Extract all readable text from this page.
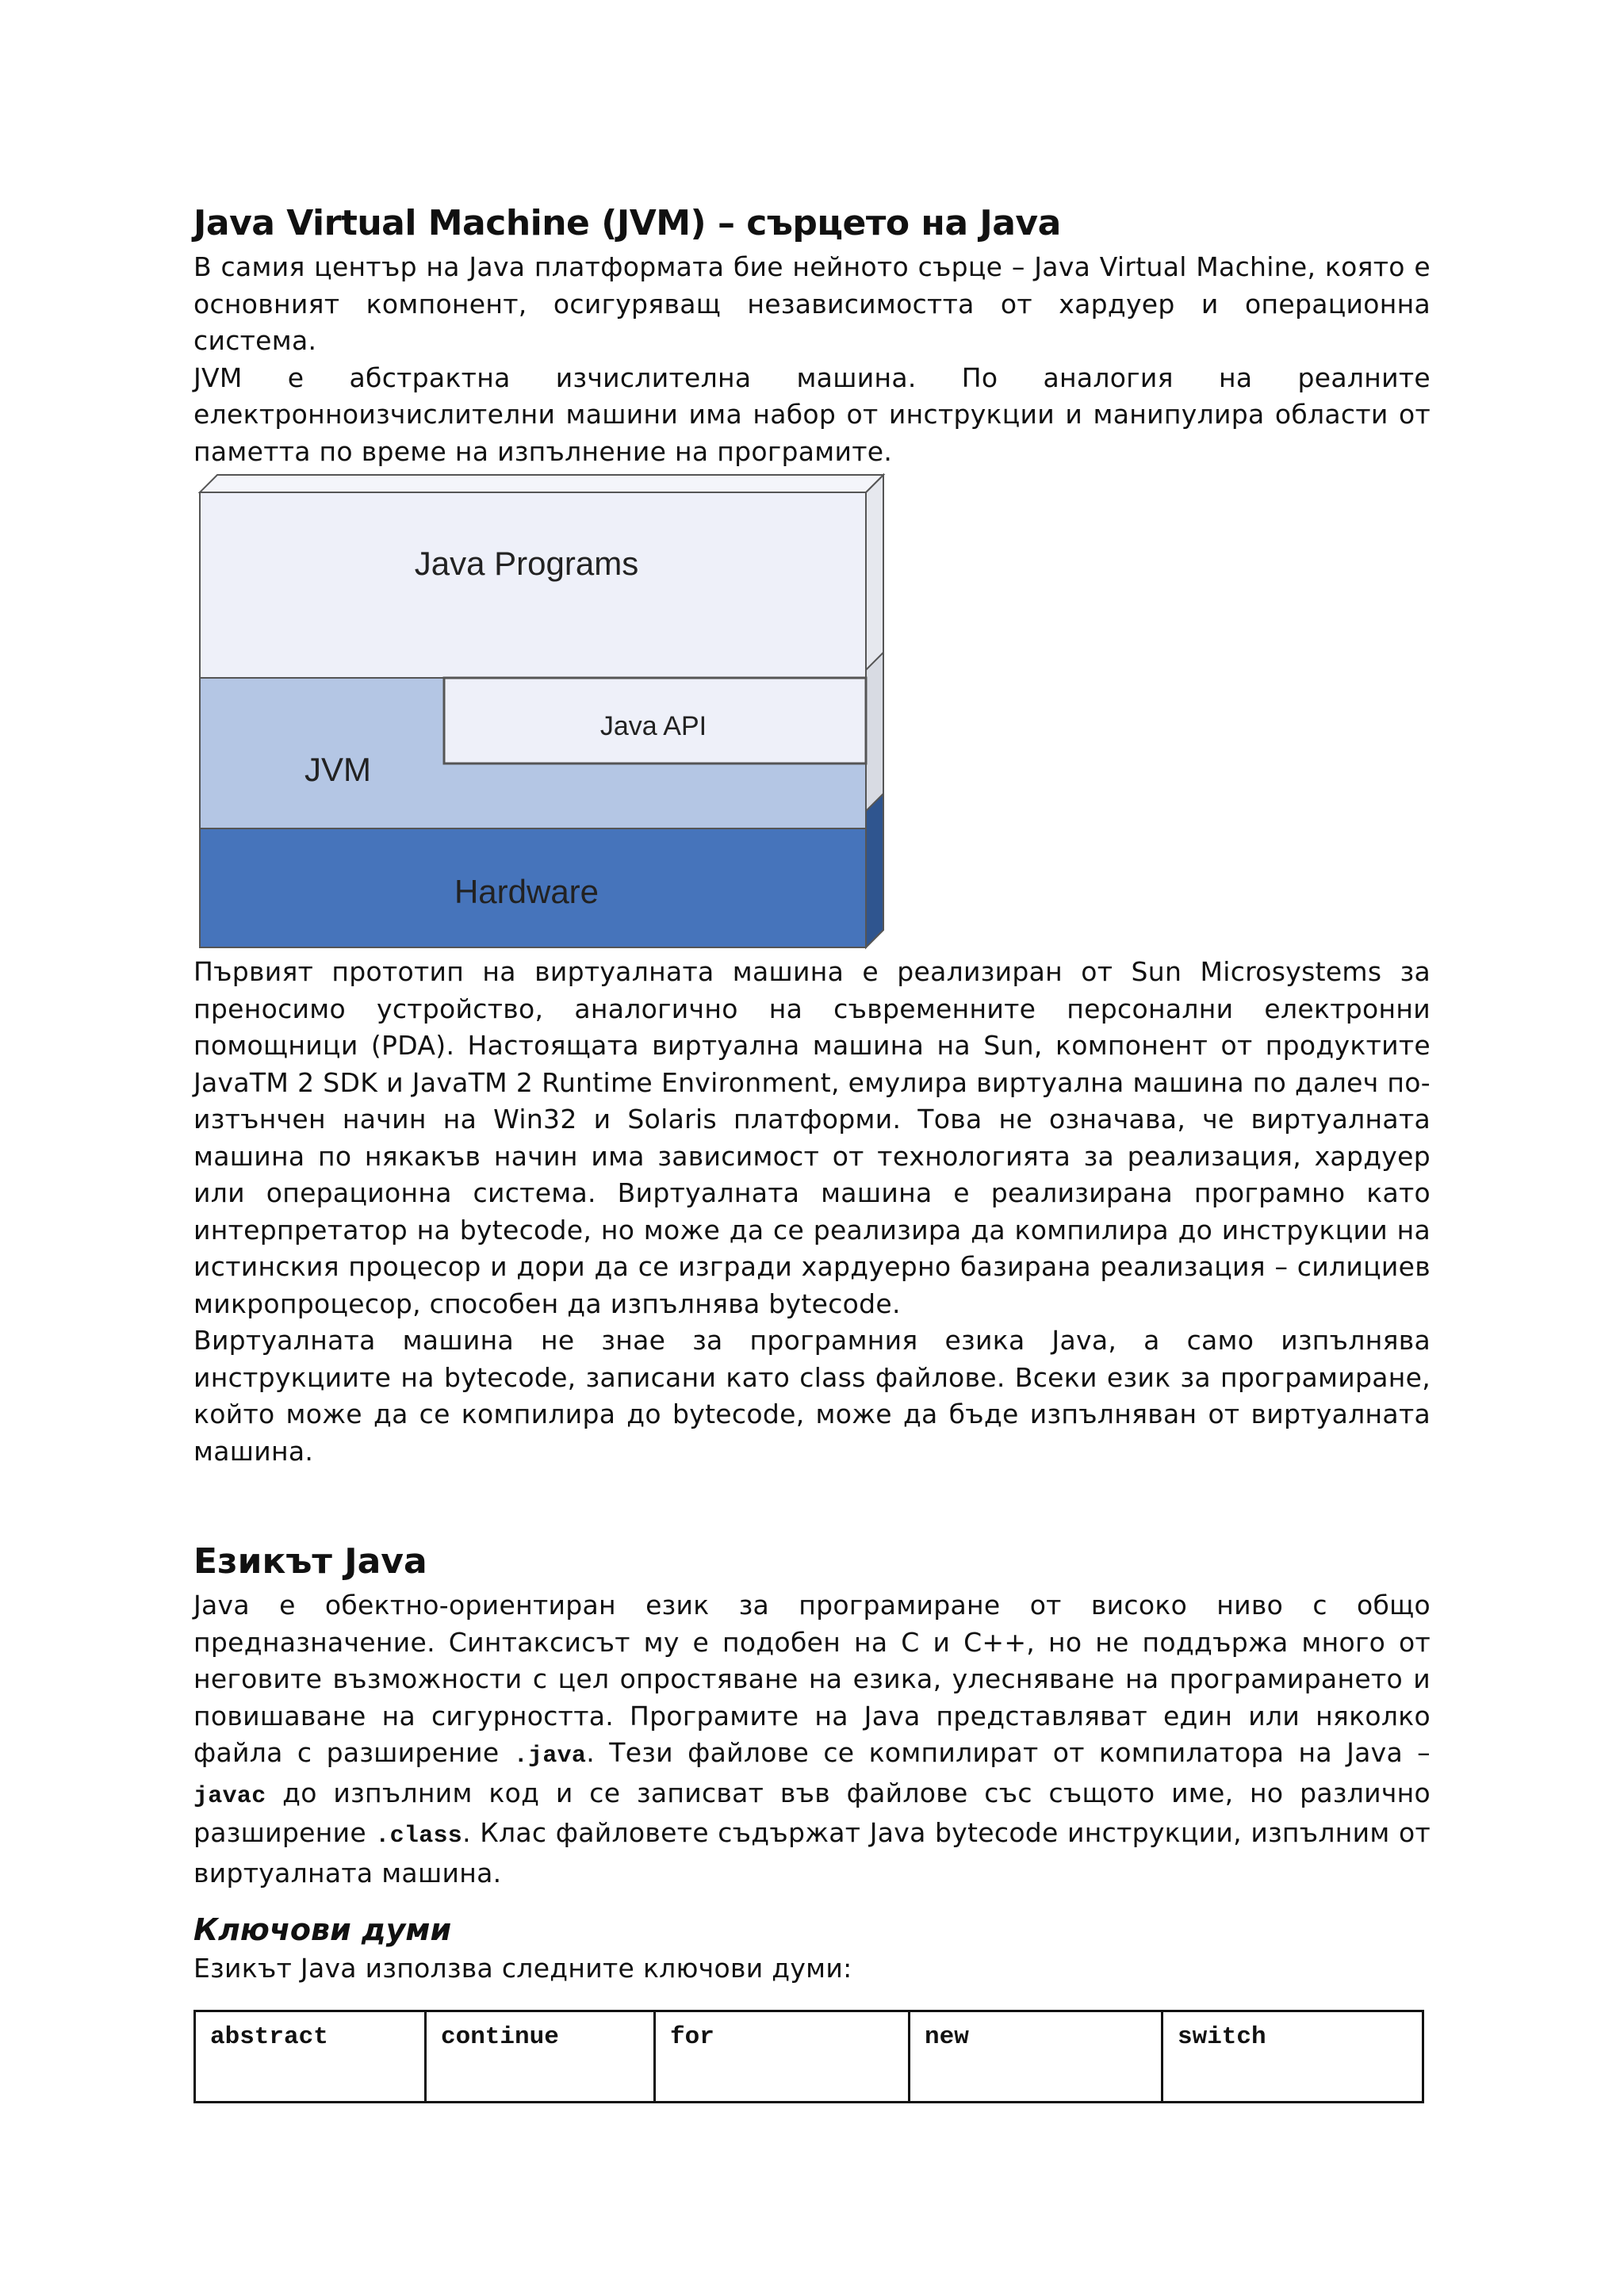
Java Virtual Machine (JVM) – сърцето на Java

В самия център на Java платформата бие нейното сърце – Java Virtual Machine, която е основният компонент, осигуряващ независимостта от хардуер и операционна система.

JVM е абстрактна изчислителна машина. По аналогия на реалните електронноизчислителни машини има набор от инструкции и манипулира области от паметта по време на изпълнение на програмите.

Java Programs
JVM
Java API
Hardware

Първият прототип на виртуалната машина е реализиран от Sun Microsystems за преносимо устройство, аналогично на съвременните персонални електронни помощници (PDA). Настоящата виртуална машина на Sun, компонент от продуктите JavaTM 2 SDK и JavaTM 2 Runtime Environment, емулира виртуална машина по далеч по-изтънчен начин на Win32 и Solaris платформи. Това не означава, че виртуалната машина по някакъв начин има зависимост от технологията за реализация, хардуер или операционна система. Виртуалната машина е реализирана програмно като интерпретатор на bytecode, но може да се реализира да компилира до инструкции на истинския процесор и дори да се изгради хардуерно базирана реализация – силициев микропроцесор, способен да изпълнява bytecode.

Виртуалната машина не знае за програмния езика Java, а само изпълнява инструкциите на bytecode, записани като class файлове. Всеки език за програмиране, който може да се компилира до bytecode, може да бъде изпълняван от виртуалната машина.

Езикът Java

Java е обектно-ориентиран език за програмиране от високо ниво с общо предназначение. Синтаксисът му е подобен на C и C++, но не поддържа много от неговите възможности с цел опростяване на езика, улесняване на програмирането и повишаване на сигурността. Програмите на Java представляват един или няколко файла с разширение .java. Тези файлове се компилират от компилатора на Java – javac до изпълним код и се записват във файлове със същото име, но различно разширение .class. Клас файловете съдържат Java bytecode инструкции, изпълним от виртуалната машина.

Ключови думи

Езикът Java използва следните ключови думи:

abstract	continue	for	new	switch
